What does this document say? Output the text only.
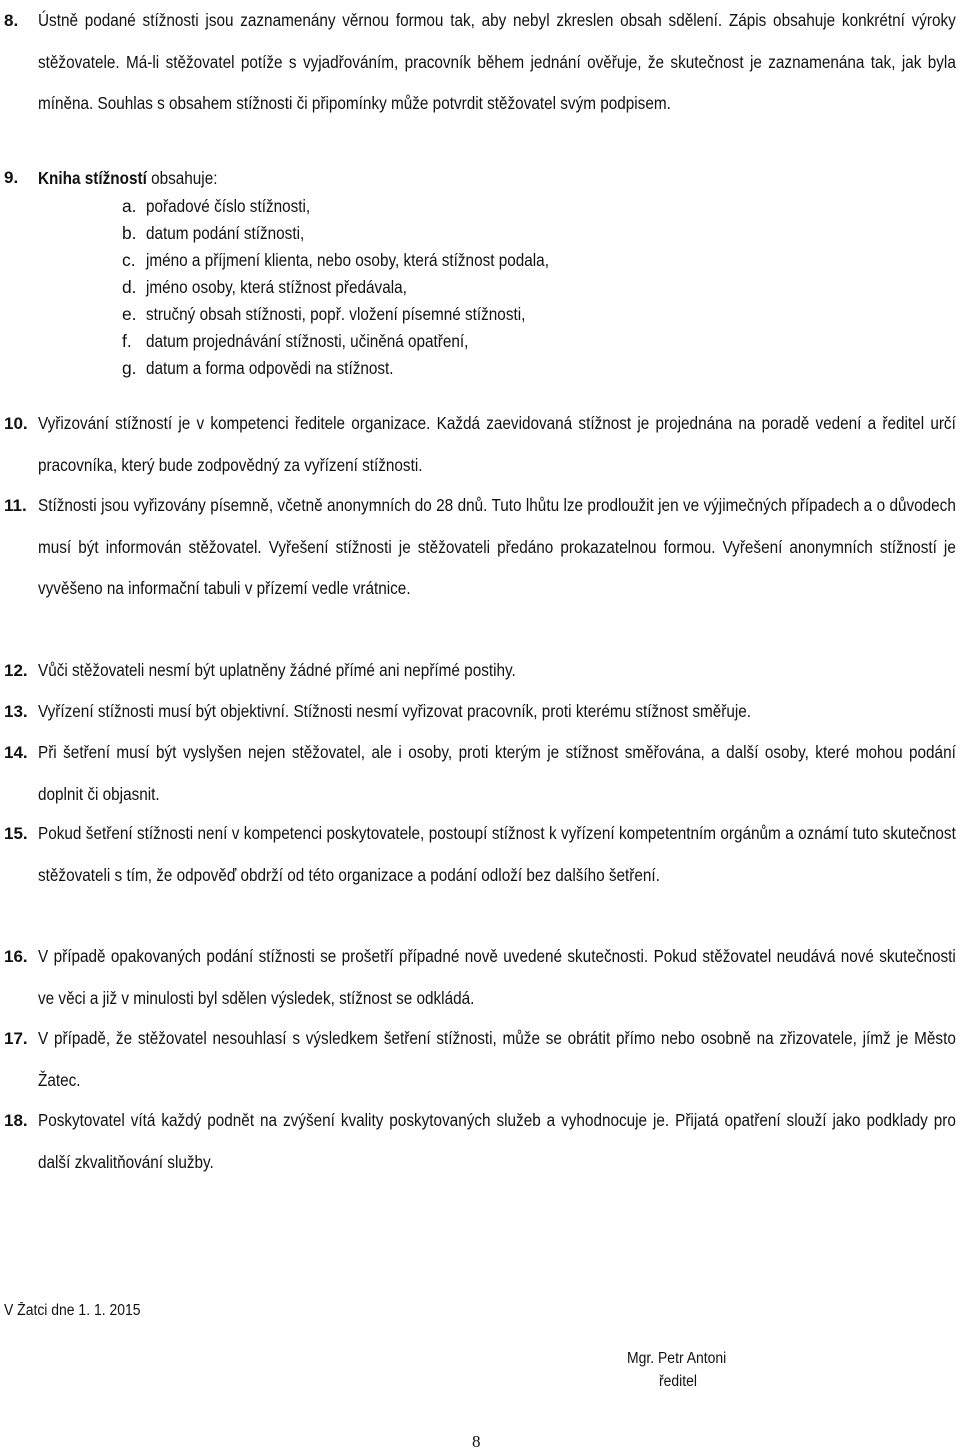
8. Ústně podané stížnosti jsou zaznamenány věrnou formou tak, aby nebyl zkreslen obsah sdělení. Zápis obsahuje konkrétní výroky stěžovatele. Má-li stěžovatel potíže s vyjadřováním, pracovník během jednání ověřuje, že skutečnost je zaznamenána tak, jak byla míněna. Souhlas s obsahem stížnosti či připomínky může potvrdit stěžovatel svým podpisem.
9. Kniha stížností obsahuje:
a. pořadové číslo stížnosti,
b. datum podání stížnosti,
c. jméno a příjmení klienta, nebo osoby, která stížnost podala,
d. jméno osoby, která stížnost předávala,
e. stručný obsah stížnosti, popř. vložení písemné stížnosti,
f. datum projednávání stížnosti, učiněná opatření,
g. datum a forma odpovědi na stížnost.
10. Vyřizování stížností je v kompetenci ředitele organizace. Každá zaevidovaná stížnost je projednána na poradě vedení a ředitel určí pracovníka, který bude zodpovědný za vyřízení stížnosti.
11. Stížnosti jsou vyřizovány písemně, včetně anonymních do 28 dnů. Tuto lhůtu lze prodloužit jen ve výjimečných případech a o důvodech musí být informován stěžovatel. Vyřešení stížnosti je stěžovateli předáno prokazatelnou formou. Vyřešení anonymních stížností je vyvěšeno na informační tabuli v přízemí vedle vrátnice.
12. Vůči stěžovateli nesmí být uplatněny žádné přímé ani nepřímé postihy.
13. Vyřízení stížnosti musí být objektivní. Stížnosti nesmí vyřizovat pracovník, proti kterému stížnost směřuje.
14. Při šetření musí být vyslyšen nejen stěžovatel, ale i osoby, proti kterým je stížnost směřována, a další osoby, které mohou podání doplnit či objasnit.
15. Pokud šetření stížnosti není v kompetenci poskytovatele, postoupí stížnost k vyřízení kompetentním orgánům a oznámí tuto skutečnost stěžovateli s tím, že odpověď obdrží od této organizace a podání odloží bez dalšího šetření.
16. V případě opakovaných podání stížnosti se prošetří případné nově uvedené skutečnosti. Pokud stěžovatel neudává nové skutečnosti ve věci a již v minulosti byl sdělen výsledek, stížnost se odkládá.
17. V případě, že stěžovatel nesouhlasí s výsledkem šetření stížnosti, může se obrátit přímo nebo osobně na zřizovatele, jímž je Město Žatec.
18. Poskytovatel vítá každý podnět na zvýšení kvality poskytovaných služeb a vyhodnocuje je. Přijatá opatření slouží jako podklady pro další zkvalitňování služby.
V Žatci dne 1. 1. 2015
Mgr. Petr Antoni
ředitel
8
